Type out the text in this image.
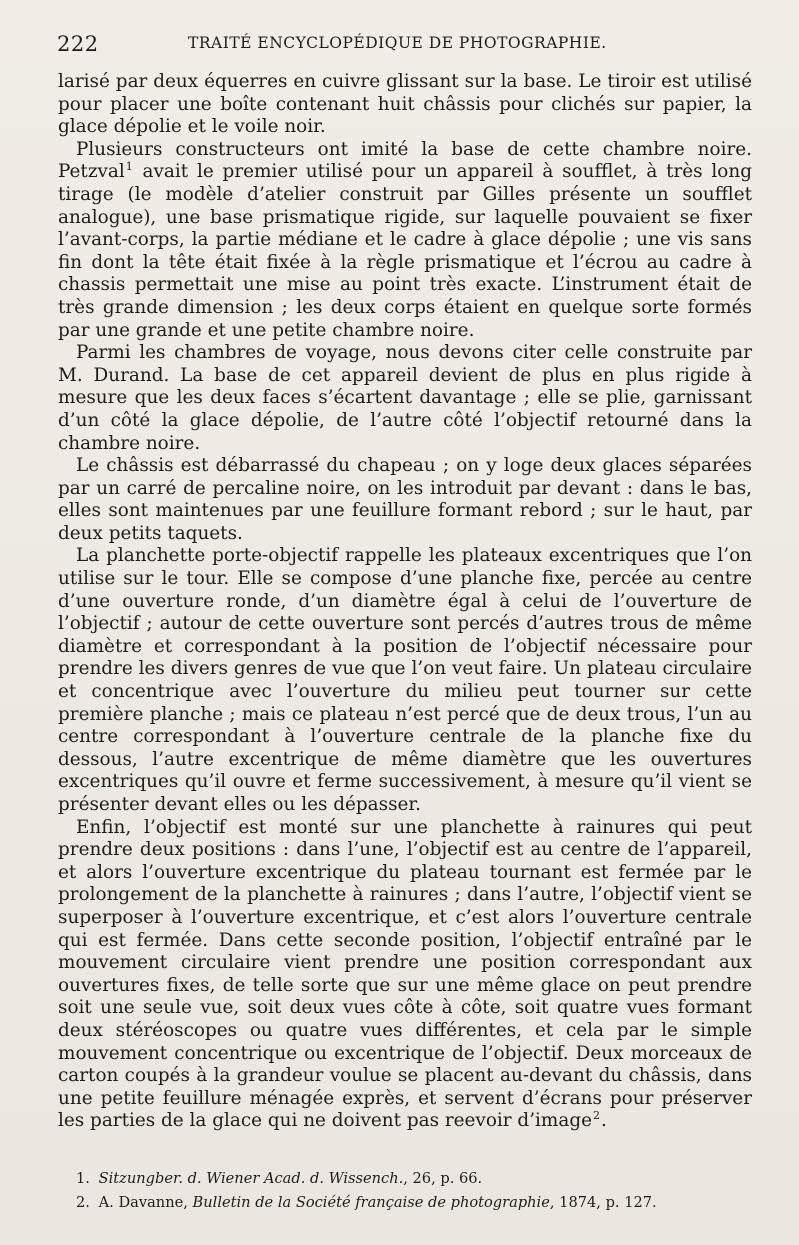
222	TRAITÉ ENCYCLOPÉDIQUE DE PHOTOGRAPHIE.

larisé par deux équerres en cuivre glissant sur la base. Le tiroir est utilisé pour placer une boîte contenant huit châssis pour clichés sur papier, la glace dépolie et le voile noir.

Plusieurs constructeurs ont imité la base de cette chambre noire. Petzval$^1$ avait le premier utilisé pour un appareil à soufflet, à très long tirage (le modèle d’atelier construit par Gilles présente un soufflet analogue), une base prismatique rigide, sur laquelle pouvaient se fixer l’avant-corps, la partie médiane et le cadre à glace dépolie ; une vis sans fin dont la tête était fixée à la règle prismatique et l’écrou au cadre à chassis permettait une mise au point très exacte. L’instrument était de très grande dimension ; les deux corps étaient en quelque sorte formés par une grande et une petite chambre noire.

Parmi les chambres de voyage, nous devons citer celle construite par M. Durand. La base de cet appareil devient de plus en plus rigide à mesure que les deux faces s’écartent davantage ; elle se plie, garnissant d’un côté la glace dépolie, de l’autre côté l’objectif retourné dans la chambre noire.

Le châssis est débarrassé du chapeau ; on y loge deux glaces séparées par un carré de percaline noire, on les introduit par devant : dans le bas, elles sont maintenues par une feuillure formant rebord ; sur le haut, par deux petits taquets.

La planchette porte-objectif rappelle les plateaux excentriques que l’on utilise sur le tour. Elle se compose d’une planche fixe, percée au centre d’une ouverture ronde, d’un diamètre égal à celui de l’ouverture de l’objectif ; autour de cette ouverture sont percés d’autres trous de même diamètre et correspondant à la position de l’objectif nécessaire pour prendre les divers genres de vue que l’on veut faire. Un plateau circulaire et concentrique avec l’ouverture du milieu peut tourner sur cette première planche ; mais ce plateau n’est percé que de deux trous, l’un au centre correspondant à l’ouverture centrale de la planche fixe du dessous, l’autre excentrique de même diamètre que les ouvertures excentriques qu’il ouvre et ferme successivement, à mesure qu’il vient se présenter devant elles ou les dépasser.

Enfin, l’objectif est monté sur une planchette à rainures qui peut prendre deux positions : dans l’une, l’objectif est au centre de l’appareil, et alors l’ouverture excentrique du plateau tournant est fermée par le prolongement de la planchette à rainures ; dans l’autre, l’objectif vient se superposer à l’ouverture excentrique, et c’est alors l’ouverture centrale qui est fermée. Dans cette seconde position, l’objectif entraîné par le mouvement circulaire vient prendre une position correspondant aux ouvertures fixes, de telle sorte que sur une même glace on peut prendre soit une seule vue, soit deux vues côte à côte, soit quatre vues formant deux stéréoscopes ou quatre vues différentes, et cela par le simple mouvement concentrique ou excentrique de l’objectif. Deux morceaux de carton coupés à la grandeur voulue se placent au-devant du châssis, dans une petite feuillure ménagée exprès, et servent d’écrans pour préserver les parties de la glace qui ne doivent pas reevoir d’image$^2$.

1. Sitzungber. d. Wiener Acad. d. Wissench., 26, p. 66.

2. A. Davanne, Bulletin de la Société française de photographie, 1874, p. 127.
